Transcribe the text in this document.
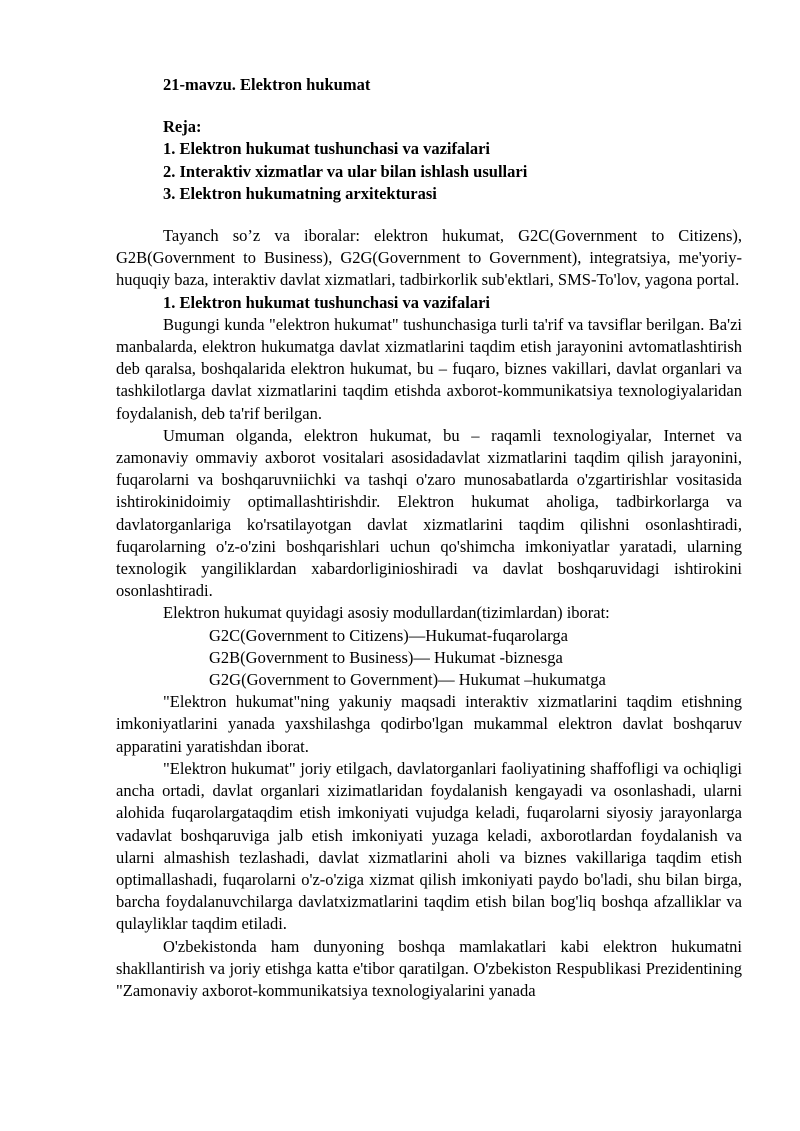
21-mavzu. Elektron hukumat
Reja:
1. Elektron hukumat tushunchasi va vazifalari
2. Interaktiv xizmatlar va ular bilan ishlash usullari
3. Elektron hukumatning arxitekturasi

Tayanch so’z va iboralar: elektron hukumat, G2C(Government to Citizens), G2B(Government to Business), G2G(Government to Government), integratsiya, me'yoriy-huquqiy baza, interaktiv davlat xizmatlari, tadbirkorlik sub'ektlari, SMS-To'lov, yagona portal.

1. Elektron hukumat tushunchasi va vazifalari

Bugungi kunda "elektron hukumat" tushunchasiga turli ta'rif va tavsiflar berilgan. Ba'zi manbalarda, elektron hukumatga davlat xizmatlarini taqdim etish jarayonini avtomatlashtirish deb qaralsa, boshqalarida elektron hukumat, bu – fuqaro, biznes vakillari, davlat organlari va tashkilotlarga davlat xizmatlarini taqdim etishda axborot-kommunikatsiya texnologiyalaridan foydalanish, deb ta'rif berilgan.

Umuman olganda, elektron hukumat, bu – raqamli texnologiyalar, Internet va zamonaviy ommaviy axborot vositalari asosidadavlat xizmatlarini taqdim qilish jarayonini, fuqarolarni va boshqaruvniichki va tashqi o'zaro munosabatlarda o'zgartirishlar vositasida ishtirokinidoimiy optimallashtirishdir. Elektron hukumat aholiga, tadbirkorlarga va davlatorganlariga ko'rsatilayotgan davlat xizmatlarini taqdim qilishni osonlashtiradi, fuqarolarning o'z-o'zini boshqarishlari uchun qo'shimcha imkoniyatlar yaratadi, ularning texnologik yangiliklardan xabardorliginioshiradi va davlat boshqaruvidagi ishtirokini osonlashtiradi.

Elektron hukumat quyidagi asosiy modullardan(tizimlardan) iborat:

G2C(Government to Citizens)—Hukumat-fuqarolarga
G2B(Government to Business)— Hukumat -biznesga
G2G(Government to Government)— Hukumat –hukumatga

"Elektron hukumat"ning yakuniy maqsadi interaktiv xizmatlarini taqdim etishning imkoniyatlarini yanada yaxshilashga qodirbo'lgan mukammal elektron davlat boshqaruv apparatini yaratishdan iborat.

"Elektron hukumat" joriy etilgach, davlatorganlari faoliyatining shaffofligi va ochiqligi ancha ortadi, davlat organlari xizimatlaridan foydalanish kengayadi va osonlashadi, ularni alohida fuqarolargataqdim etish imkoniyati vujudga keladi, fuqarolarni siyosiy jarayonlarga vadavlat boshqaruviga jalb etish imkoniyati yuzaga keladi, axborotlardan foydalanish va ularni almashish tezlashadi, davlat xizmatlarini aholi va biznes vakillariga taqdim etish optimallashadi, fuqarolarni o'z-o'ziga xizmat qilish imkoniyati paydo bo'ladi, shu bilan birga, barcha foydalanuvchilarga davlatxizmatlarini taqdim etish bilan bog'liq boshqa afzalliklar va qulayliklar taqdim etiladi.

O'zbekistonda ham dunyoning boshqa mamlakatlari kabi elektron hukumatni shakllantirish va joriy etishga katta e'tibor qaratilgan. O'zbekiston Respublikasi Prezidentining "Zamonaviy axborot-kommunikatsiya texnologiyalarini yanada
